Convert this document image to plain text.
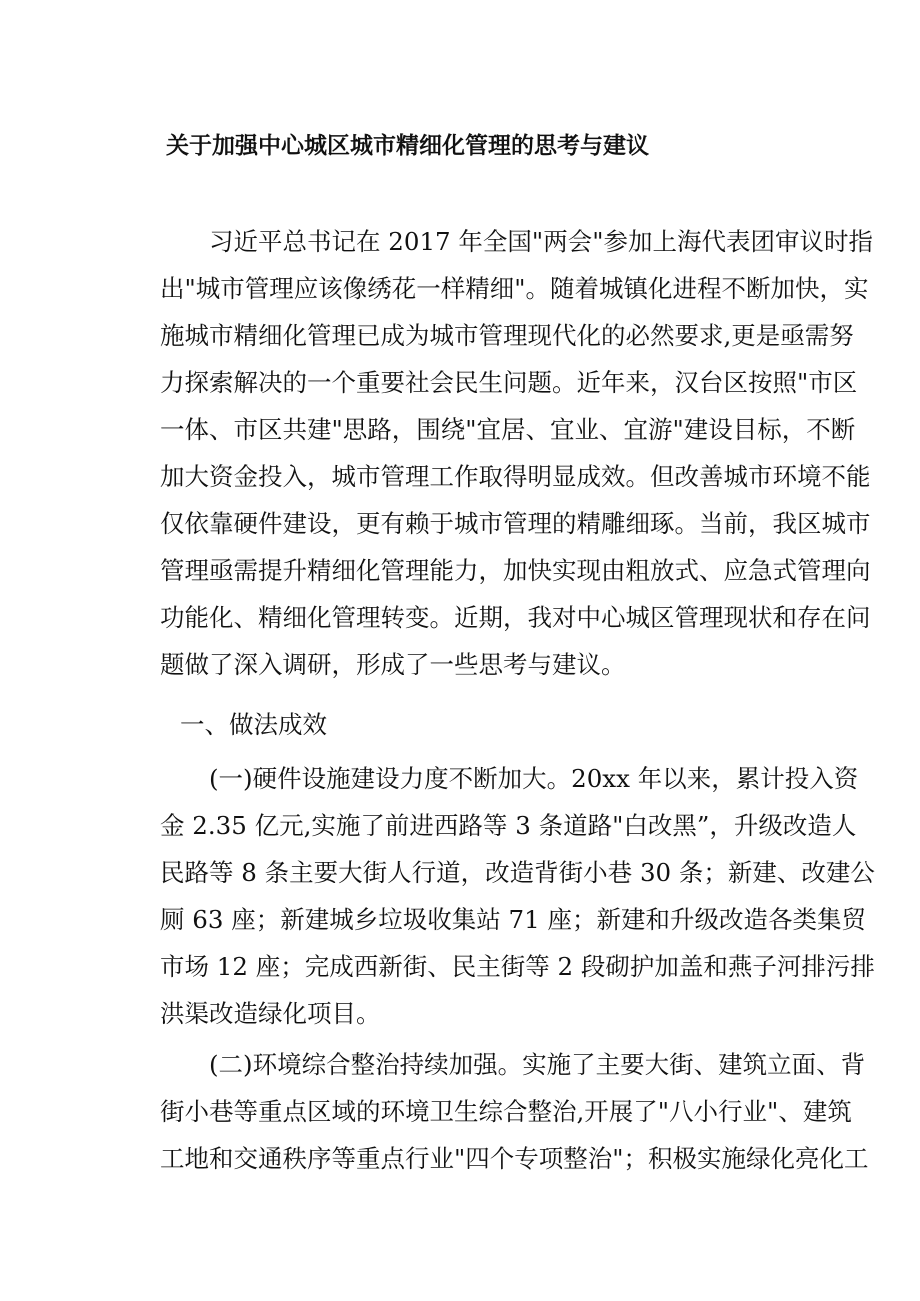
关于加强中心城区城市精细化管理的思考与建议
　　习近平总书记在 2017 年全国"两会"参加上海代表团审议时指
出"城市管理应该像绣花一样精细"。随着城镇化进程不断加快，实
施城市精细化管理已成为城市管理现代化的必然要求,更是亟需努
力探索解决的一个重要社会民生问题。近年来，汉台区按照"市区
一体、市区共建"思路，围绕"宜居、宜业、宜游"建设目标，不断
加大资金投入，城市管理工作取得明显成效。但改善城市环境不能
仅依靠硬件建设，更有赖于城市管理的精雕细琢。当前，我区城市
管理亟需提升精细化管理能力，加快实现由粗放式、应急式管理向
功能化、精细化管理转变。近期，我对中心城区管理现状和存在问
题做了深入调研，形成了一些思考与建议。
一、做法成效
　　(一)硬件设施建设力度不断加大。20xx 年以来，累计投入资
金 2.35 亿元,实施了前进西路等 3 条道路"白改黑”，升级改造人
民路等 8 条主要大街人行道，改造背街小巷 30 条；新建、改建公
厕 63 座；新建城乡垃圾收集站 71 座；新建和升级改造各类集贸
市场 12 座；完成西新街、民主街等 2 段砌护加盖和燕子河排污排
洪渠改造绿化项目。
　　(二)环境综合整治持续加强。实施了主要大街、建筑立面、背
街小巷等重点区域的环境卫生综合整治,开展了"八小行业"、建筑
工地和交通秩序等重点行业"四个专项整治"；积极实施绿化亮化工
